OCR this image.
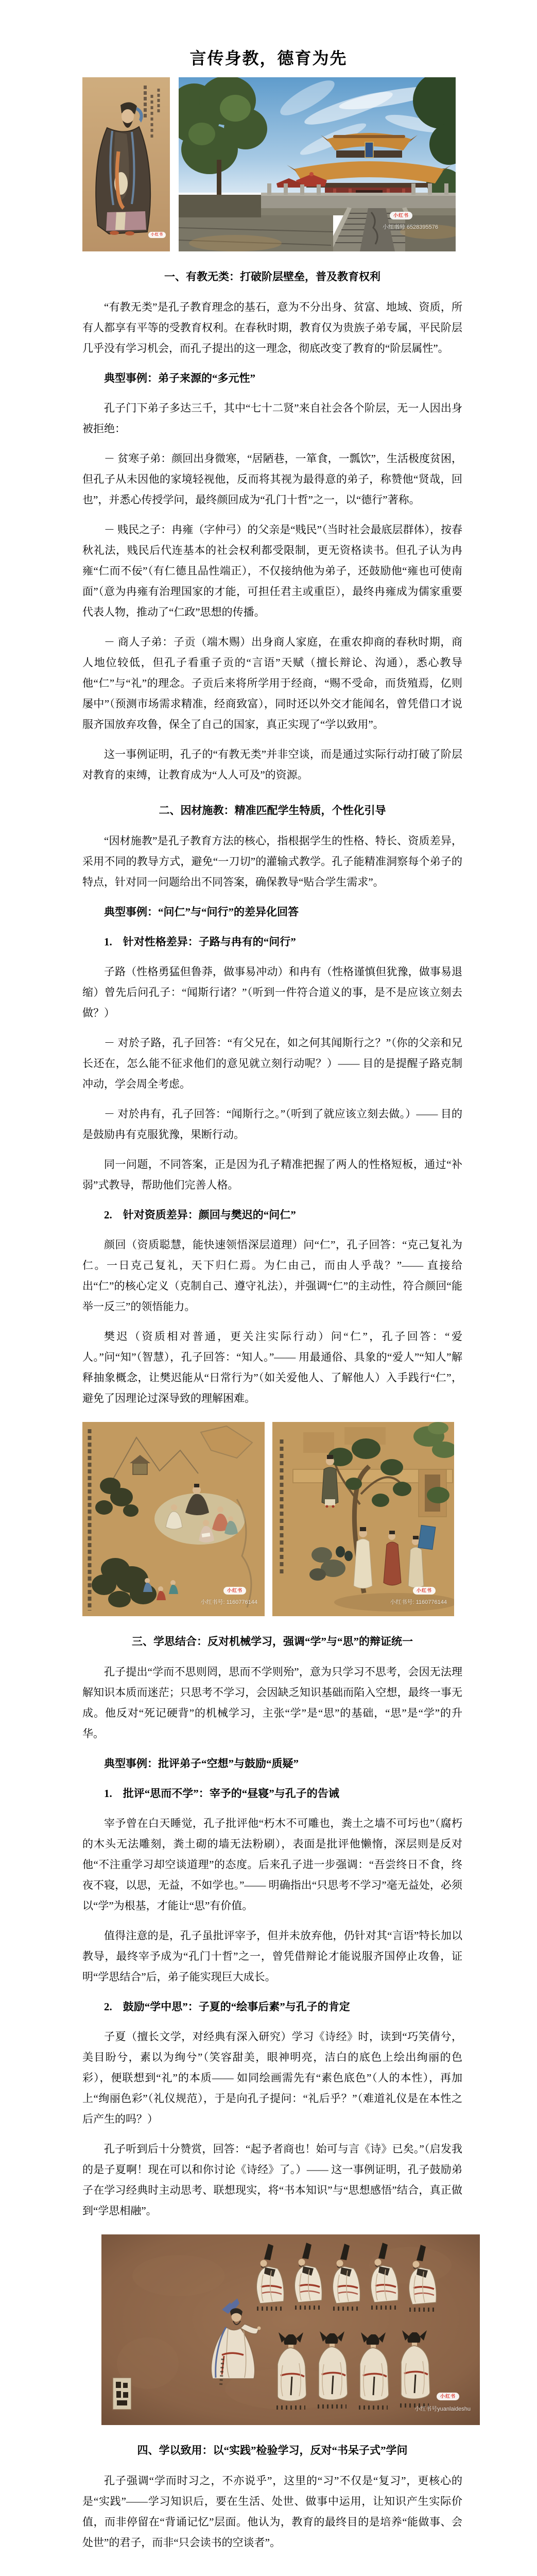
言传身教，德育为先
小红书
小红书
小红书号 6528395576
一、有教无类：打破阶层壁垒，普及教育权利

“有教无类”是孔子教育理念的基石，意为不分出身、贫富、地域、资质，所有人都享有平等的受教育权利。在春秋时期，教育仅为贵族子弟专属，平民阶层几乎没有学习机会，而孔子提出的这一理念，彻底改变了教育的“阶层属性”。

典型事例：弟子来源的“多元性”

孔子门下弟子多达三千，其中“七十二贤”来自社会各个阶层，无一人因出身被拒绝：

－ 贫寒子弟：颜回出身微寒，“居陋巷，一箪食，一瓢饮”，生活极度贫困，但孔子从未因他的家境轻视他，反而将其视为最得意的弟子，称赞他“贤哉，回也”，并悉心传授学问，最终颜回成为“孔门十哲”之一，以“德行”著称。

－ 贱民之子：冉雍（字仲弓）的父亲是“贱民”（当时社会最底层群体），按春秋礼法，贱民后代连基本的社会权利都受限制，更无资格读书。但孔子认为冉雍“仁而不佞”（有仁德且品性端正），不仅接纳他为弟子，还鼓励他“雍也可使南面”（意为冉雍有治理国家的才能，可担任君主或重臣），最终冉雍成为儒家重要代表人物，推动了“仁政”思想的传播。

－ 商人子弟：子贡（端木赐）出身商人家庭，在重农抑商的春秋时期，商人地位较低，但孔子看重子贡的“言语”天赋（擅长辩论、沟通），悉心教导他“仁”与“礼”的理念。子贡后来将所学用于经商，“赐不受命，而货殖焉，亿则屡中”（预测市场需求精准，经商致富），同时还以外交才能闻名，曾凭借口才说服齐国放弃攻鲁，保全了自己的国家，真正实现了“学以致用”。

这一事例证明，孔子的“有教无类”并非空谈，而是通过实际行动打破了阶层对教育的束缚，让教育成为“人人可及”的资源。

二、因材施教：精准匹配学生特质，个性化引导

“因材施教”是孔子教育方法的核心，指根据学生的性格、特长、资质差异，采用不同的教导方式，避免“一刀切”的灌输式教学。孔子能精准洞察每个弟子的特点，针对同一问题给出不同答案，确保教导“贴合学生需求”。

典型事例：“问仁”与“问行”的差异化回答

1.　针对性格差异：子路与冉有的“问行”

子路（性格勇猛但鲁莽，做事易冲动）和冉有（性格谨慎但犹豫，做事易退缩）曾先后问孔子：“闻斯行诸？”（听到一件符合道义的事，是不是应该立刻去做？）

－ 对於子路，孔子回答：“有父兄在，如之何其闻斯行之？”（你的父亲和兄长还在，怎么能不征求他们的意见就立刻行动呢？）—— 目的是提醒子路克制冲动，学会周全考虑。

－ 对於冉有，孔子回答：“闻斯行之。”（听到了就应该立刻去做。）—— 目的是鼓励冉有克服犹豫，果断行动。

同一问题，不同答案，正是因为孔子精准把握了两人的性格短板，通过“补弱”式教导，帮助他们完善人格。

2.　针对资质差异：颜回与樊迟的“问仁”

颜回（资质聪慧，能快速领悟深层道理）问“仁”，孔子回答：“克己复礼为仁。一日克己复礼，天下归仁焉。为仁由己，而由人乎哉？”—— 直接给出“仁”的核心定义（克制自己、遵守礼法），并强调“仁”的主动性，符合颜回“能举一反三”的领悟能力。

樊迟（资质相对普通，更关注实际行动）问“仁”，孔子回答：“爱人。”问“知”（智慧），孔子回答：“知人。”—— 用最通俗、具象的“爱人”“知人”解释抽象概念，让樊迟能从“日常行为”（如关爱他人、了解他人）入手践行“仁”，避免了因理论过深导致的理解困难。

小红书
小红书号: 1160776144
小红书
小红书号: 1160776144
三、学思结合：反对机械学习，强调“学”与“思”的辩证统一

孔子提出“学而不思则罔，思而不学则殆”，意为只学习不思考，会因无法理解知识本质而迷茫；只思考不学习，会因缺乏知识基础而陷入空想，最终一事无成。他反对“死记硬背”的机械学习，主张“学”是“思”的基础，“思”是“学”的升华。

典型事例：批评弟子“空想”与鼓励“质疑”

1.　批评“思而不学”：宰予的“昼寝”与孔子的告诫

宰予曾在白天睡觉，孔子批评他“朽木不可雕也，粪土之墙不可圬也”（腐朽的木头无法雕刻，粪土砌的墙无法粉刷），表面是批评他懒惰，深层则是反对他“不注重学习却空谈道理”的态度。后来孔子进一步强调：“吾尝终日不食，终夜不寝，以思，无益，不如学也。”—— 明确指出“只思考不学习”毫无益处，必须以“学”为根基，才能让“思”有价值。

值得注意的是，孔子虽批评宰予，但并未放弃他，仍针对其“言语”特长加以教导，最终宰予成为“孔门十哲”之一，曾凭借辩论才能说服齐国停止攻鲁，证明“学思结合”后，弟子能实现巨大成长。

2.　鼓励“学中思”：子夏的“绘事后素”与孔子的肯定

子夏（擅长文学，对经典有深入研究）学习《诗经》时，读到“巧笑倩兮，美目盼兮，素以为绚兮”（笑容甜美，眼神明亮，洁白的底色上绘出绚丽的色彩），便联想到“礼”的本质—— 如同绘画需先有“素色底色”（人的本性），再加上“绚丽色彩”（礼仪规范），于是向孔子提问：“礼后乎？”（难道礼仪是在本性之后产生的吗？）

孔子听到后十分赞赏，回答：“起予者商也！始可与言《诗》已矣。”（启发我的是子夏啊！现在可以和你讨论《诗经》了。）—— 这一事例证明，孔子鼓励弟子在学习经典时主动思考、联想现实，将“书本知识”与“思想感悟”结合，真正做到“学思相融”。

小红书
小红书号yuanlaideshu
四、学以致用：以“实践”检验学习，反对“书呆子式”学问

孔子强调“学而时习之，不亦说乎”，这里的“习”不仅是“复习”，更核心的是“实践”——学习知识后，要在生活、处世、做事中运用，让知识产生实际价值，而非停留在“背诵记忆”层面。他认为，教育的最终目的是培养“能做事、会处世”的君子，而非“只会读书的空谈者”。
